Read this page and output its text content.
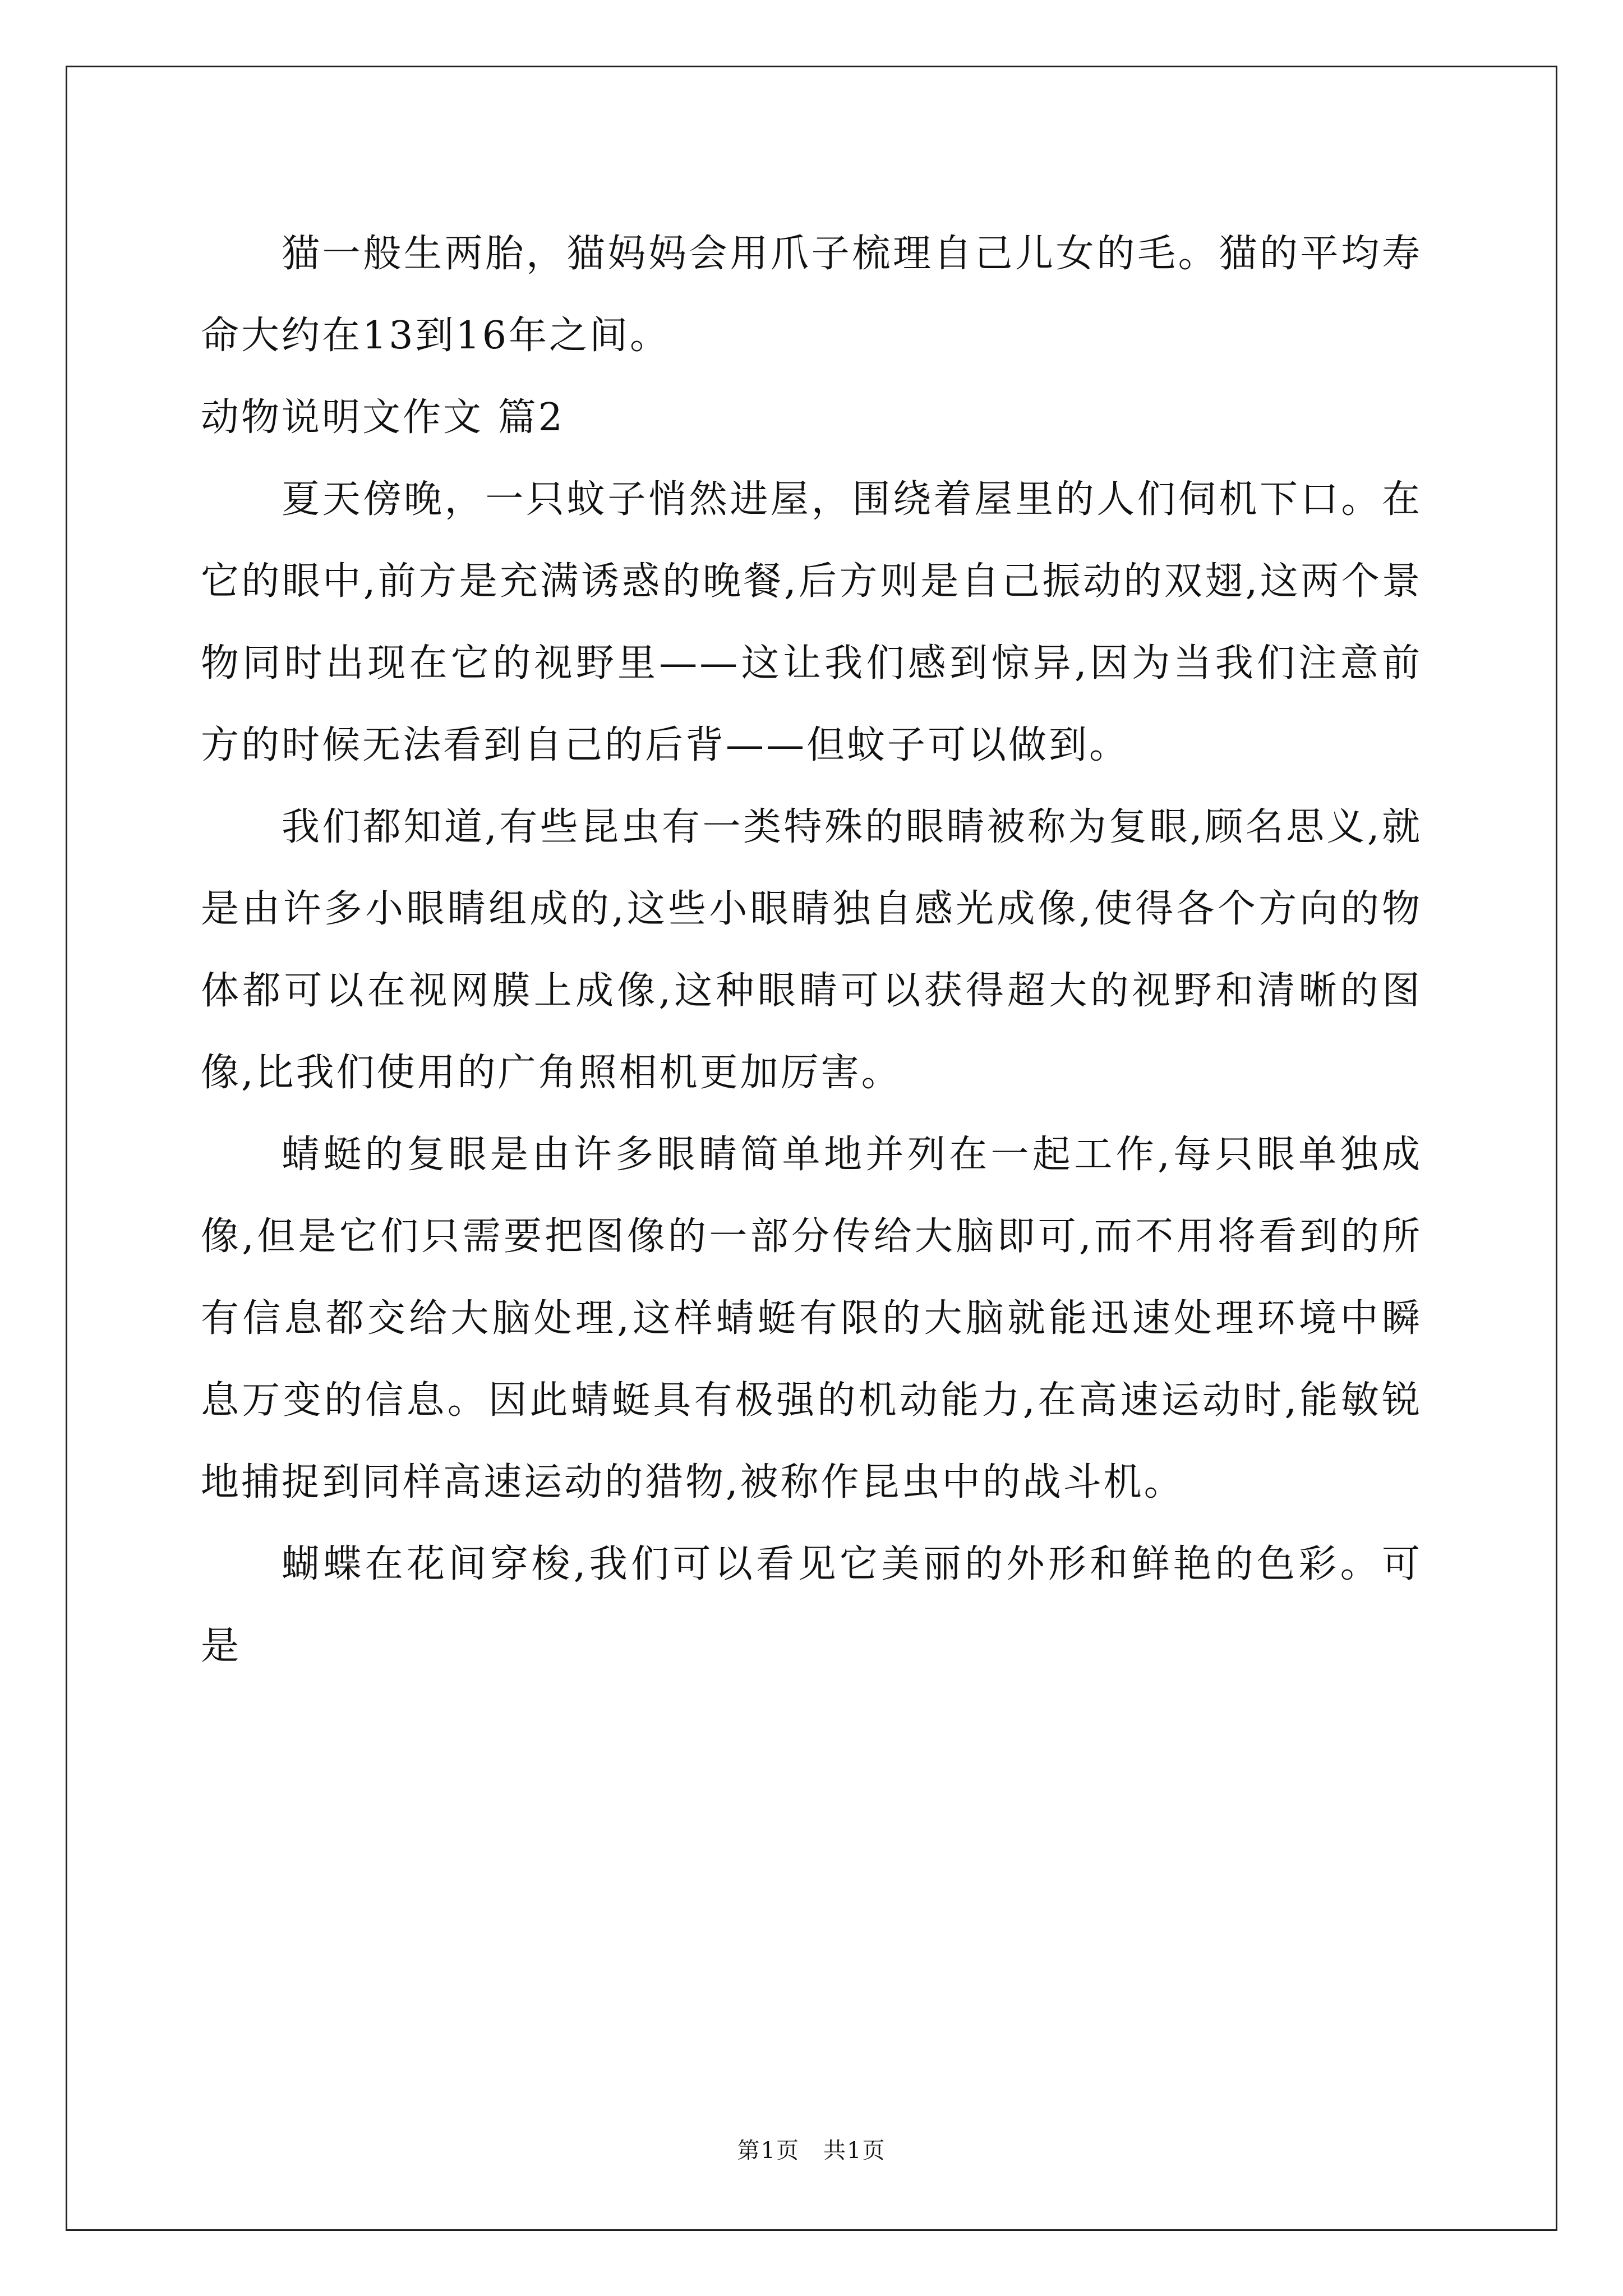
猫一般生两胎，猫妈妈会用爪子梳理自己儿女的毛。猫的平均寿命大约在13到16年之间。

动物说明文作文 篇2

夏天傍晚，一只蚊子悄然进屋，围绕着屋里的人们伺机下口。在它的眼中,前方是充满诱惑的晚餐,后方则是自己振动的双翅,这两个景物同时出现在它的视野里——这让我们感到惊异,因为当我们注意前方的时候无法看到自己的后背——但蚊子可以做到。

我们都知道,有些昆虫有一类特殊的眼睛被称为复眼,顾名思义,就是由许多小眼睛组成的,这些小眼睛独自感光成像,使得各个方向的物体都可以在视网膜上成像,这种眼睛可以获得超大的视野和清晰的图像,比我们使用的广角照相机更加厉害。

蜻蜓的复眼是由许多眼睛简单地并列在一起工作,每只眼单独成像,但是它们只需要把图像的一部分传给大脑即可,而不用将看到的所有信息都交给大脑处理,这样蜻蜓有限的大脑就能迅速处理环境中瞬息万变的信息。因此蜻蜓具有极强的机动能力,在高速运动时,能敏锐地捕捉到同样高速运动的猎物,被称作昆虫中的战斗机。

蝴蝶在花间穿梭,我们可以看见它美丽的外形和鲜艳的色彩。可是

第1页　共1页
